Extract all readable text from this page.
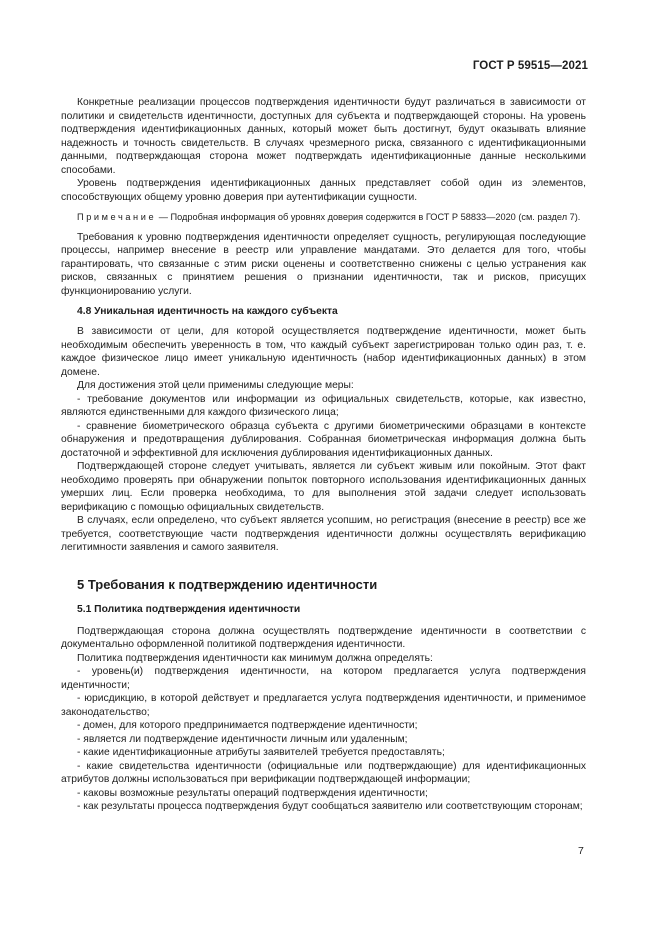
ГОСТ Р 59515—2021

Конкретные реализации процессов подтверждения идентичности будут различаться в зависимости от политики и свидетельств идентичности, доступных для субъекта и подтверждающей стороны. На уровень подтверждения идентификационных данных, который может быть достигнут, будут оказывать влияние надежность и точность свидетельств. В случаях чрезмерного риска, связанного с идентификационными данными, подтверждающая сторона может подтверждать идентификационные данные несколькими способами.

Уровень подтверждения идентификационных данных представляет собой один из элементов, способствующих общему уровню доверия при аутентификации сущности.

Примечание — Подробная информация об уровнях доверия содержится в ГОСТ Р 58833—2020 (см. раздел 7).

Требования к уровню подтверждения идентичности определяет сущность, регулирующая последующие процессы, например внесение в реестр или управление мандатами. Это делается для того, чтобы гарантировать, что связанные с этим риски оценены и соответственно снижены с целью устранения как рисков, связанных с принятием решения о признании идентичности, так и рисков, присущих функционированию услуги.

4.8 Уникальная идентичность на каждого субъекта

В зависимости от цели, для которой осуществляется подтверждение идентичности, может быть необходимым обеспечить уверенность в том, что каждый субъект зарегистрирован только один раз, т. е. каждое физическое лицо имеет уникальную идентичность (набор идентификационных данных) в этом домене.

Для достижения этой цели применимы следующие меры:

- требование документов или информации из официальных свидетельств, которые, как известно, являются единственными для каждого физического лица;

- сравнение биометрического образца субъекта с другими биометрическими образцами в контексте обнаружения и предотвращения дублирования. Собранная биометрическая информация должна быть достаточной и эффективной для исключения дублирования идентификационных данных.

Подтверждающей стороне следует учитывать, является ли субъект живым или покойным. Этот факт необходимо проверять при обнаружении попыток повторного использования идентификационных данных умерших лиц. Если проверка необходима, то для выполнения этой задачи следует использовать верификацию с помощью официальных свидетельств.

В случаях, если определено, что субъект является усопшим, но регистрация (внесение в реестр) все же требуется, соответствующие части подтверждения идентичности должны осуществлять верификацию легитимности заявления и самого заявителя.

5 Требования к подтверждению идентичности
5.1 Политика подтверждения идентичности

Подтверждающая сторона должна осуществлять подтверждение идентичности в соответствии с документально оформленной политикой подтверждения идентичности.

Политика подтверждения идентичности как минимум должна определять:

- уровень(и) подтверждения идентичности, на котором предлагается услуга подтверждения идентичности;

- юрисдикцию, в которой действует и предлагается услуга подтверждения идентичности, и применимое законодательство;

- домен, для которого предпринимается подтверждение идентичности;

- является ли подтверждение идентичности личным или удаленным;

- какие идентификационные атрибуты заявителей требуется предоставлять;

- какие свидетельства идентичности (официальные или подтверждающие) для идентификационных атрибутов должны использоваться при верификации подтверждающей информации;

- каковы возможные результаты операций подтверждения идентичности;

- как результаты процесса подтверждения будут сообщаться заявителю или соответствующим сторонам;

7
